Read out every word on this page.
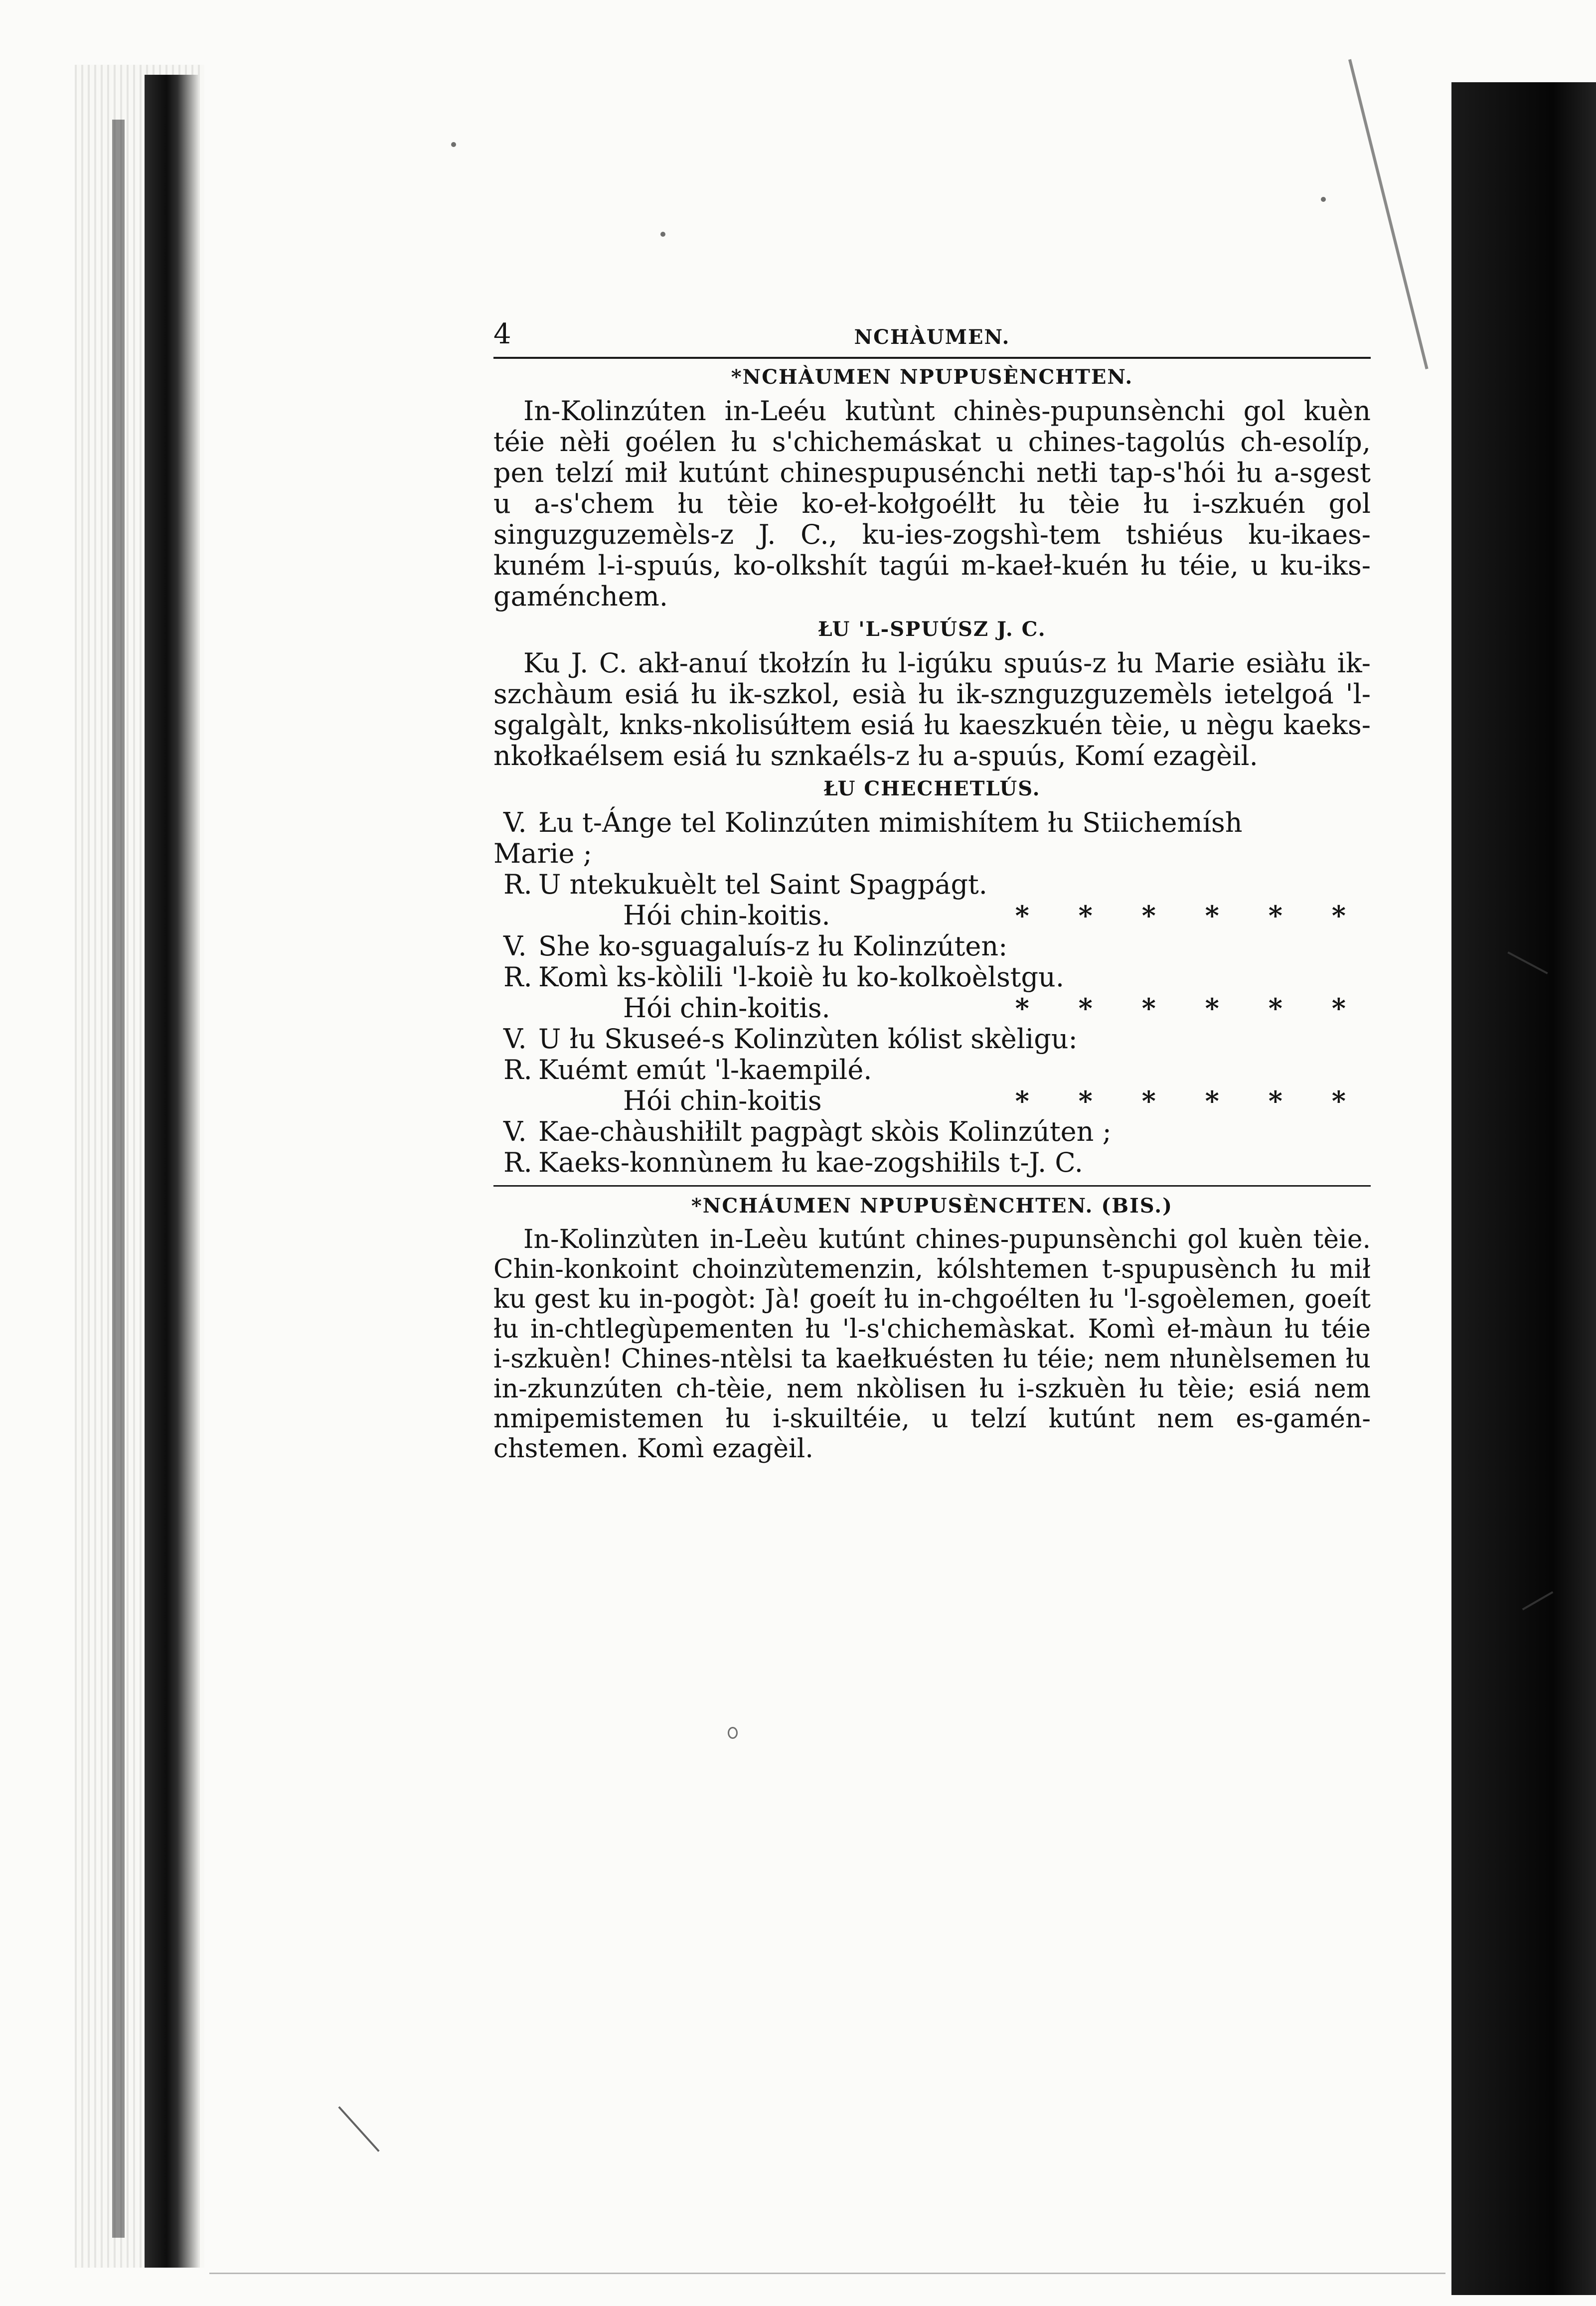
4	NCHÀUMEN.
*NCHÀUMEN NPUPUSÈNCHTEN.

In-Kolinzúten in-Leéu kutùnt chinès-pupunsènchi gol kuèn téie nèłi goélen łu s'chichemáskat u chines-tagolús ch-esolíp, pen telzí mił kutúnt chinespupusénchi netłi tap-s'hói łu a-sgest u a-s'chem łu tèie ko-eł-kołgoélłt łu tèie łu i-szkuén gol singuzguzemèls-z J. C., ku-ies-zogshì-tem tshiéus ku-ikaes-kuném l-i-spuús, ko-olkshít tagúi m-kaeł-kuén łu téie, u ku-iks-gaménchem.

ŁU 'L-SPUÚSZ J. C.

Ku J. C. akł-anuí tkołzín łu l-igúku spuús-z łu Marie esiàłu ik-szchàum esiá łu ik-szkol, esià łu ik-sznguzguzemèls ietelgoá 'l-sgalgàlt, knks-nkolisúłtem esiá łu kaeszkuén tèie, u nègu kaeks-nkołkaélsem esiá łu sznkaéls-z łu a-spuús, Komí ezagèil.

ŁU CHECHETLÚS.
V. Łu t-Ánge tel Kolinzúten mimishítem łu Stiichemísh
Marie ;
R. U ntekukuèlt tel Saint Spagpágt.
Hói chin-koitis.	* * * * * *
V. She ko-sguagaluís-z łu Kolinzúten:
R. Komì ks-kòlili 'l-koiè łu ko-kolkoèlstgu.
Hói chin-koitis.	* * * * * *
V. U łu Skuseé-s Kolinzùten kólist skèligu:
R. Kuémt emút 'l-kaempilé.
Hói chin-koitis	* * * * * *
V. Kae-chàushiłilt pagpàgt skòis Kolinzúten ;
R. Kaeks-konnùnem łu kae-zogshiłils t-J. C.
*NCHÁUMEN NPUPUSÈNCHTEN. (BIS.)

In-Kolinzùten in-Leèu kutúnt chines-pupunsènchi gol kuèn tèie. Chin-konkoint choinzùtemenzin, kólshtemen t-spupusènch łu mił ku gest ku in-pogòt: Jà! goeít łu in-chgoélten łu 'l-sgoèlemen, goeít łu in-chtlegùpementen łu 'l-s'chichemàskat. Komì eł-màun łu téie i-szkuèn! Chines-ntèlsi ta kaełkuésten łu téie; nem nłunèlsemen łu in-zkunzúten ch-tèie, nem nkòlisen łu i-szkuèn łu tèie; esiá nem nmipemistemen łu i-skuiltéie, u telzí kutúnt nem es-gamén-chstemen. Komì ezagèil.
